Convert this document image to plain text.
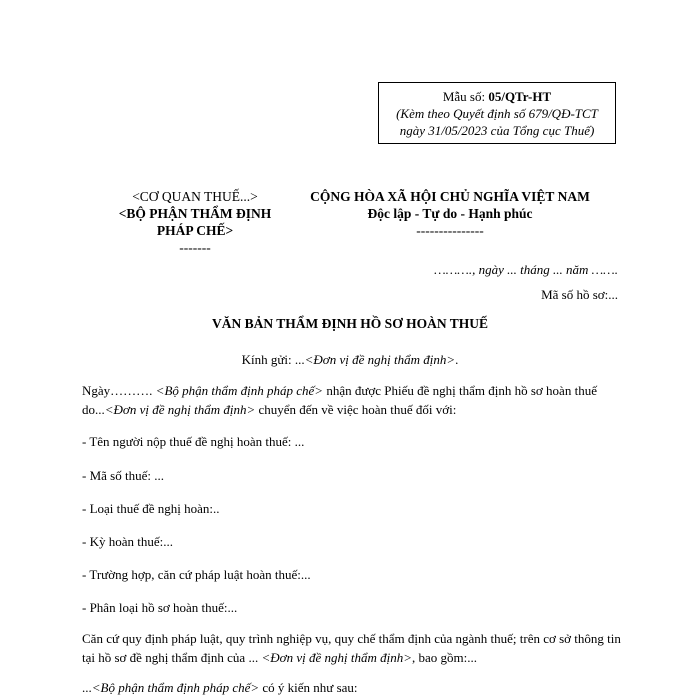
Mẫu số: 05/QTr-HT
(Kèm theo Quyết định số 679/QĐ-TCT
ngày 31/05/2023 của Tổng cục Thuế)
<CƠ QUAN THUẾ...>
<BỘ PHẬN THẨM ĐỊNH
PHÁP CHẾ>
-------
CỘNG HÒA XÃ HỘI CHỦ NGHĨA VIỆT NAM
Độc lập - Tự do - Hạnh phúc
---------------
………., ngày ... tháng ... năm …….
Mã số hồ sơ:...
VĂN BẢN THẨM ĐỊNH HỒ SƠ HOÀN THUẾ
Kính gửi: ...<Đơn vị đề nghị thẩm định>.
Ngày………. <Bộ phận thẩm định pháp chế> nhận được Phiếu đề nghị thẩm định hồ sơ hoàn thuế do...<Đơn vị đề nghị thẩm định> chuyển đến về việc hoàn thuế đối với:
- Tên người nộp thuế đề nghị hoàn thuế: ...
- Mã số thuế: ...
- Loại thuế đề nghị hoàn:..
- Kỳ hoàn thuế:...
- Trường hợp, căn cứ pháp luật hoàn thuế:...
- Phân loại hồ sơ hoàn thuế:...
Căn cứ quy định pháp luật, quy trình nghiệp vụ, quy chế thẩm định của ngành thuế; trên cơ sở thông tin tại hồ sơ đề nghị thẩm định của ... <Đơn vị đề nghị thẩm định>, bao gồm:...
...<Bộ phận thẩm định pháp chế> có ý kiến như sau:
